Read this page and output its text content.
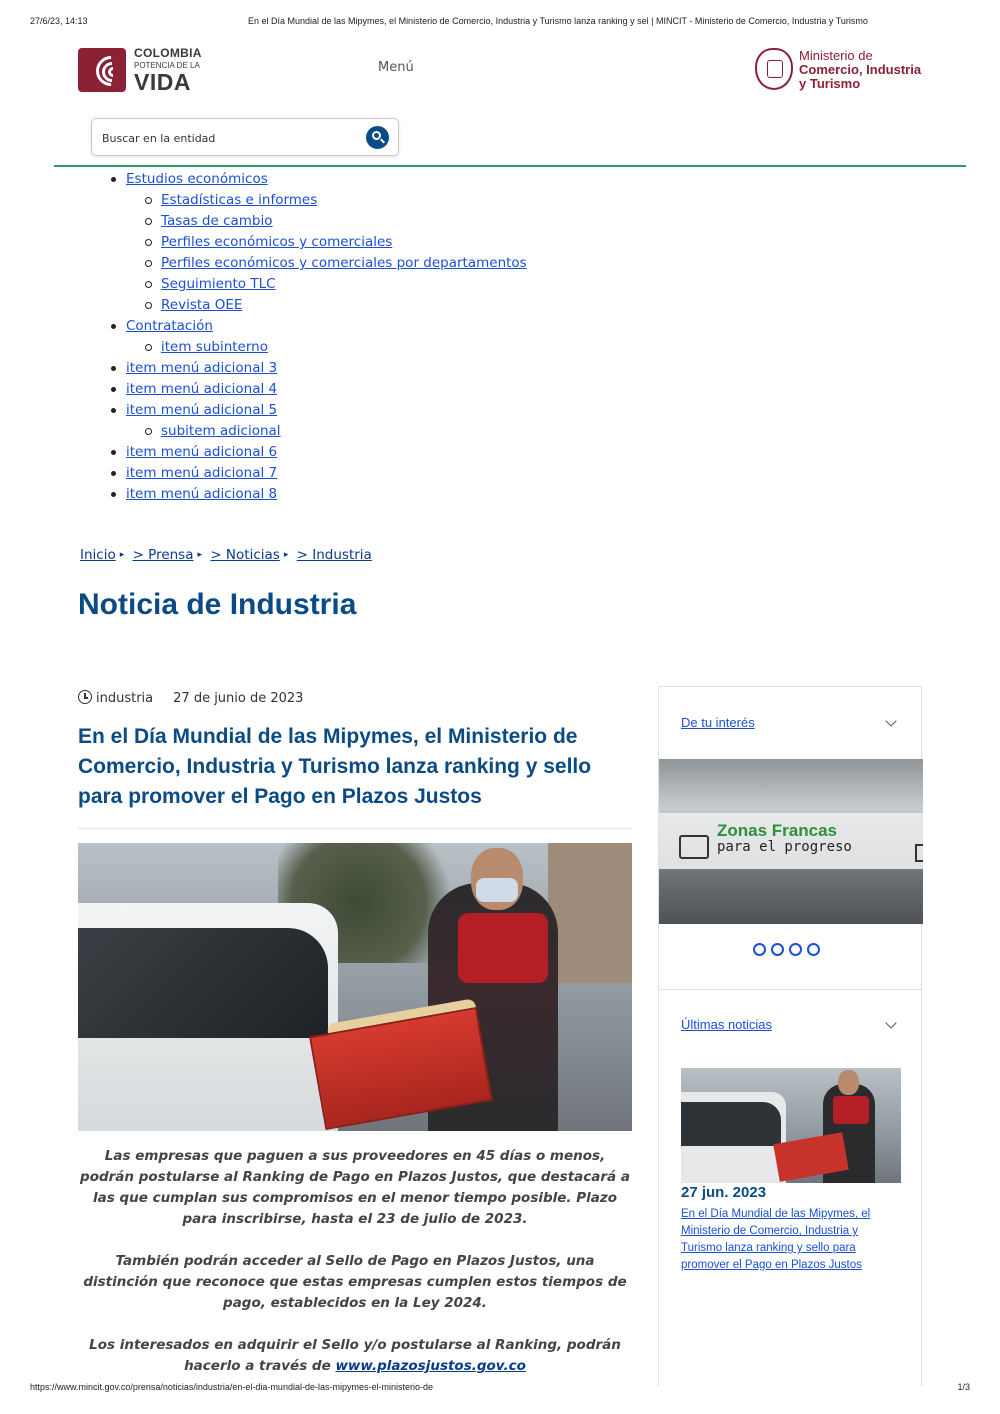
27/6/23, 14:13	En el Día Mundial de las Mipymes, el Ministerio de Comercio, Industria y Turismo lanza ranking y sel | MINCIT - Ministerio de Comercio, Industria y Turismo
COLOMBIA
POTENCIA DE LA
VIDA
Menú
Ministerio de
Comercio, Industria
y Turismo
Buscar en la entidad
Estudios económicos
Estadísticas e informes
Tasas de cambio
Perfiles económicos y comerciales
Perfiles económicos y comerciales por departamentos
Seguimiento TLC
Revista OEE
Contratación
item subinterno
item menú adicional 3
item menú adicional 4
item menú adicional 5
subitem adicional
item menú adicional 6
item menú adicional 7
item menú adicional 8
Inicio ▸ > Prensa ▸ > Noticias ▸ > Industria
Noticia de Industria
industria 27 de junio de 2023
En el Día Mundial de las Mipymes, el Ministerio de Comercio, Industria y Turismo lanza ranking y sello para promover el Pago en Plazos Justos

Las empresas que paguen a sus proveedores en 45 días o menos, podrán postularse al Ranking de Pago en Plazos Justos, que destacará a las que cumplan sus compromisos en el menor tiempo posible. Plazo para inscribirse, hasta el 23 de julio de 2023.

También podrán acceder al Sello de Pago en Plazos Justos, una distinción que reconoce que estas empresas cumplen estos tiempos de pago, establecidos en la Ley 2024.

Los interesados en adquirir el Sello y/o postularse al Ranking, podrán hacerlo a través de www.plazosjustos.gov.co

De tu interés
Zonas Francas
para el progreso
Últimas noticias
27 jun. 2023
En el Día Mundial de las Mipymes, el Ministerio de Comercio, Industria y Turismo lanza ranking y sello para promover el Pago en Plazos Justos
https://www.mincit.gov.co/prensa/noticias/industria/en-el-dia-mundial-de-las-mipymes-el-ministerio-de	1/3
